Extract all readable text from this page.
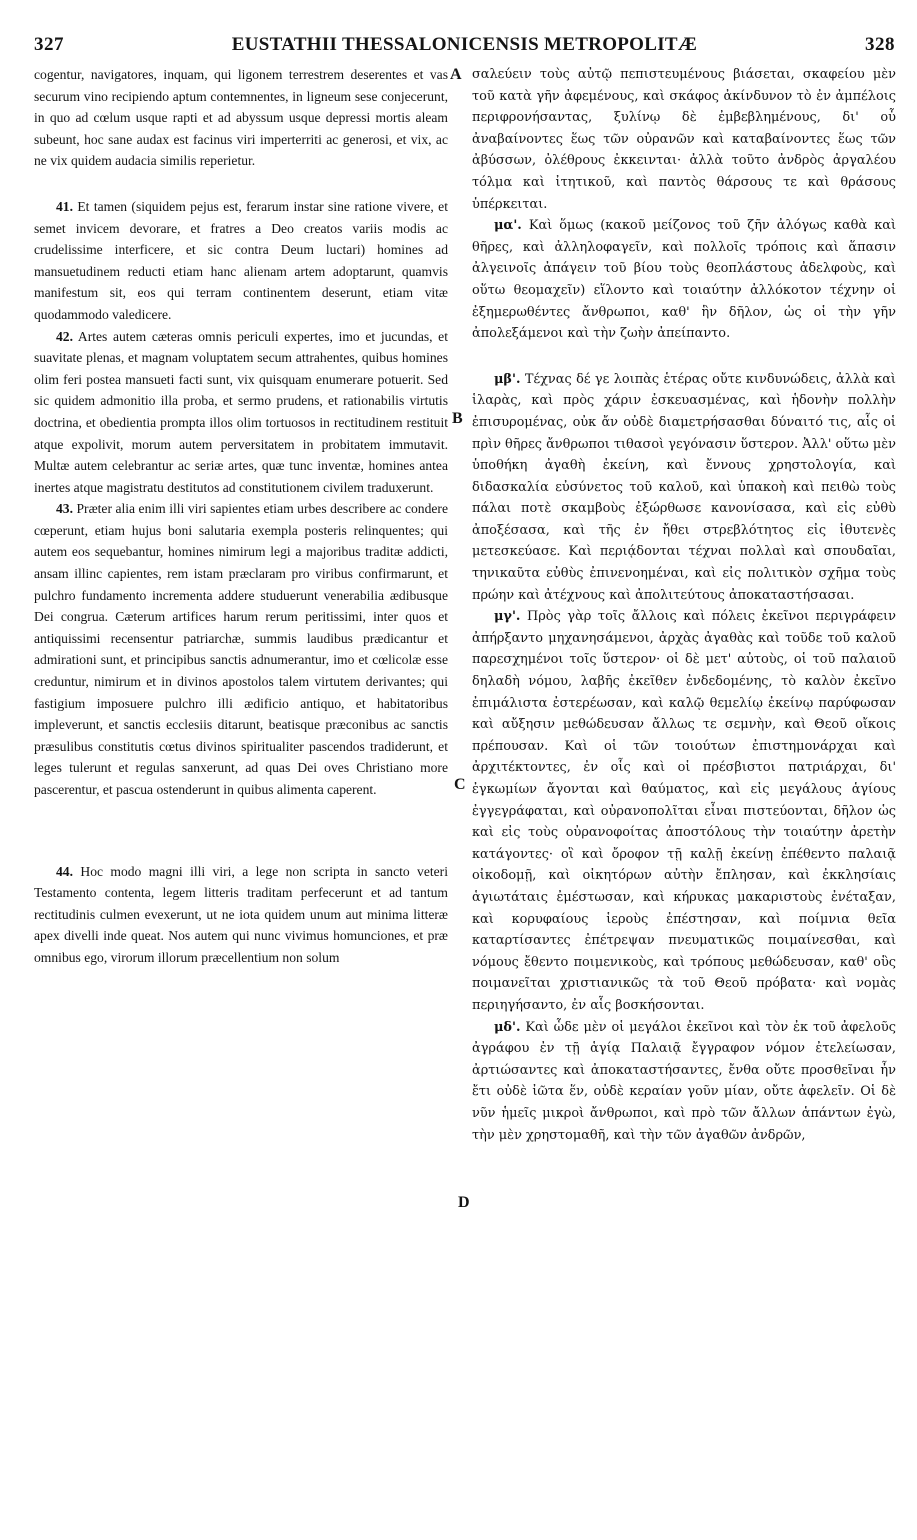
327	EUSTATHII THESSALONICENSIS METROPOLITÆ	328
A
B
C
D

cogentur, navigatores, inquam, qui ligonem terrestrem deserentes et vas securum vino recipiendo aptum contemnentes, in ligneum sese conjecerunt, in quo ad cœlum usque rapti et ad abyssum usque depressi mortis aleam subeunt, hoc sane audax est facinus viri imperterriti ac generosi, et vix, ac ne vix quidem audacia similis reperietur.

41. Et tamen (siquidem pejus est, ferarum instar sine ratione vivere, et semet invicem devorare, et fratres a Deo creatos variis modis ac crudelissime interficere, et sic contra Deum luctari) homines ad mansuetudinem reducti etiam hanc alienam artem adoptarunt, quamvis manifestum sit, eos qui terram continentem deserunt, etiam vitæ quodammodo valedicere.

42. Artes autem cæteras omnis periculi expertes, imo et jucundas, et suavitate plenas, et magnam voluptatem secum attrahentes, quibus homines olim feri postea mansueti facti sunt, vix quisquam enumerare potuerit. Sed sic quidem admonitio illa proba, et sermo prudens, et rationabilis virtutis doctrina, et obedientia prompta illos olim tortuosos in rectitudinem restituit atque expolivit, morum autem perversitatem in probitatem immutavit. Multæ autem celebrantur ac seriæ artes, quæ tunc inventæ, homines antea inertes atque magistratu destitutos ad constitutionem civilem traduxerunt.

43. Præter alia enim illi viri sapientes etiam urbes describere ac condere cœperunt, etiam hujus boni salutaria exempla posteris relinquentes; qui autem eos sequebantur, homines nimirum legi a majoribus traditæ addicti, ansam illinc capientes, rem istam præclaram pro viribus confirmarunt, et pulchro fundamento incrementa addere studuerunt venerabilia ædibusque Dei congrua. Cæterum artifices harum rerum peritissimi, inter quos et antiquissimi recensentur patriarchæ, summis laudibus prædicantur et admirationi sunt, et principibus sanctis adnumerantur, imo et cœlicolæ esse creduntur, nimirum et in divinos apostolos talem virtutem derivantes; qui fastigium imposuere pulchro illi ædificio antiquo, et habitatoribus impleverunt, et sanctis ecclesiis ditarunt, beatisque præconibus ac sanctis præsulibus constitutis cœtus divinos spiritualiter pascendos tradiderunt, et leges tulerunt et regulas sanxerunt, ad quas Dei oves Christiano more pascerentur, et pascua ostenderunt in quibus alimenta caperent.

44. Hoc modo magni illi viri, a lege non scripta in sancto veteri Testamento contenta, legem litteris traditam perfecerunt et ad tantum rectitudinis culmen evexerunt, ut ne iota quidem unum aut minima litteræ apex divelli inde queat. Nos autem qui nunc vivimus homunciones, et præ omnibus ego, virorum illorum præcellentium non solum

σαλεύειν τοὺς αὐτῷ πεπιστευμένους βιάσεται, σκαφείου μὲν τοῦ κατὰ γῆν ἀφεμένους, καὶ σκάφος ἀκίνδυνον τὸ ἐν ἀμπέλοις περιφρονήσαντας, ξυλίνῳ δὲ ἐμβεβλημένους, δι' οὗ ἀναβαίνοντες ἕως τῶν οὐρανῶν καὶ καταβαίνοντες ἕως τῶν ἀβύσσων, ὀλέθρους ἐκκεινται· ἀλλὰ τοῦτο ἀνδρὸς ἀργαλέου τόλμα καὶ ἰτητικοῦ, καὶ παντὸς θάρσους τε καὶ θράσους ὑπέρκειται.

μα'. Καὶ ὅμως (κακοῦ μείζονος τοῦ ζῆν ἀλόγως καθὰ καὶ θῆρες, καὶ ἀλληλοφαγεῖν, καὶ πολλοῖς τρόποις καὶ ἅπασιν ἀλγεινοῖς ἀπάγειν τοῦ βίου τοὺς θεοπλάστους ἀδελφοὺς, καὶ οὕτω θεομαχεῖν) εἵλοντο καὶ τοιαύτην ἀλλόκοτον τέχνην οἱ ἐξημερωθέντες ἄνθρωποι, καθ' ἣν δῆλον, ὡς οἱ τὴν γῆν ἀπολεξάμενοι καὶ τὴν ζωὴν ἀπείπαντο.

μβ'. Τέχνας δέ γε λοιπὰς ἑτέρας οὔτε κινδυνώδεις, ἀλλὰ καὶ ἱλαρὰς, καὶ πρὸς χάριν ἐσκευασμένας, καὶ ἡδονὴν πολλὴν ἐπισυρομένας, οὐκ ἄν οὐδὲ διαμετρήσασθαι δύναιτό τις, αἷς οἱ πρὶν θῆρες ἄνθρωποι τιθασοὶ γεγόνασιν ὕστερον. Ἀλλ' οὕτω μὲν ὑποθήκη ἀγαθὴ ἐκείνη, καὶ ἔννους χρηστολογία, καὶ διδασκαλία εὐσύνετος τοῦ καλοῦ, καὶ ὑπακοὴ καὶ πειθὼ τοὺς πάλαι ποτὲ σκαμβοὺς ἐξώρθωσε κανονίσασα, καὶ εἰς εὐθὺ ἀποξέσασα, καὶ τῆς ἐν ἤθει στρεβλότητος εἰς ἰθυτενὲς μετεσκεύασε. Καὶ περιᾴδονται τέχναι πολλαὶ καὶ σπουδαῖαι, τηνικαῦτα εὐθὺς ἐπινενοημέναι, καὶ εἰς πολιτικὸν σχῆμα τοὺς πρώην καὶ ἀτέχνους καὶ ἀπολιτεύτους ἀποκαταστήσασαι.

μγ'. Πρὸς γὰρ τοῖς ἄλλοις καὶ πόλεις ἐκεῖνοι περιγράφειν ἀπήρξαντο μηχανησάμενοι, ἀρχὰς ἀγαθὰς καὶ τοῦδε τοῦ καλοῦ παρεσχημένοι τοῖς ὕστερον· οἱ δὲ μετ' αὐτοὺς, οἱ τοῦ παλαιοῦ δηλαδὴ νόμου, λαβῆς ἐκεῖθεν ἐνδεδομένης, τὸ καλὸν ἐκεῖνο ἐπιμάλιστα ἐστερέωσαν, καὶ καλῷ θεμελίῳ ἐκείνῳ παρύφωσαν καὶ αὔξησιν μεθώδευσαν ἄλλως τε σεμνὴν, καὶ Θεοῦ οἴκοις πρέπουσαν. Καὶ οἱ τῶν τοιούτων ἐπιστημονάρχαι καὶ ἀρχιτέκτοντες, ἐν οἷς καὶ οἱ πρέσβιστοι πατριάρχαι, δι' ἐγκωμίων ἄγονται καὶ θαύματος, καὶ εἰς μεγάλους ἁγίους ἐγγεγράφαται, καὶ οὐρανοπολῖται εἶναι πιστεύονται, δῆλον ὡς καὶ εἰς τοὺς οὐρανοφοίτας ἀποστόλους τὴν τοιαύτην ἀρετὴν κατάγοντες· οἳ καὶ ὄροφον τῇ καλῇ ἐκείνῃ ἐπέθεντο παλαιᾷ οἰκοδομῇ, καὶ οἰκητόρων αὐτὴν ἔπλησαν, καὶ ἐκκλησίαις ἁγιωτάταις ἐμέστωσαν, καὶ κήρυκας μακαριστοὺς ἐνέταξαν, καὶ κορυφαίους ἱεροὺς ἐπέστησαν, καὶ ποίμνια θεῖα καταρτίσαντες ἐπέτρεψαν πνευματικῶς ποιμαίνεσθαι, καὶ νόμους ἔθεντο ποιμενικοὺς, καὶ τρόπους μεθώδευσαν, καθ' οὓς ποιμανεῖται χριστιανικῶς τὰ τοῦ Θεοῦ πρόβατα· καὶ νομὰς περιηγήσαντο, ἐν αἷς βοσκήσονται.

μδ'. Καὶ ὧδε μὲν οἱ μεγάλοι ἐκεῖνοι καὶ τὸν ἐκ τοῦ ἀφελοῦς ἀγράφου ἐν τῇ ἁγίᾳ Παλαιᾷ ἔγγραφον νόμον ἐτελείωσαν, ἀρτιώσαντες καὶ ἀποκαταστήσαντες, ἔνθα οὔτε προσθεῖναι ἦν ἔτι οὐδὲ ἰῶτα ἕν, οὐδὲ κεραίαν γοῦν μίαν, οὔτε ἀφελεῖν. Οἱ δὲ νῦν ἡμεῖς μικροὶ ἄνθρωποι, καὶ πρὸ τῶν ἄλλων ἁπάντων ἐγὼ, τὴν μὲν χρηστομαθῆ, καὶ τὴν τῶν ἀγαθῶν ἀνδρῶν,
